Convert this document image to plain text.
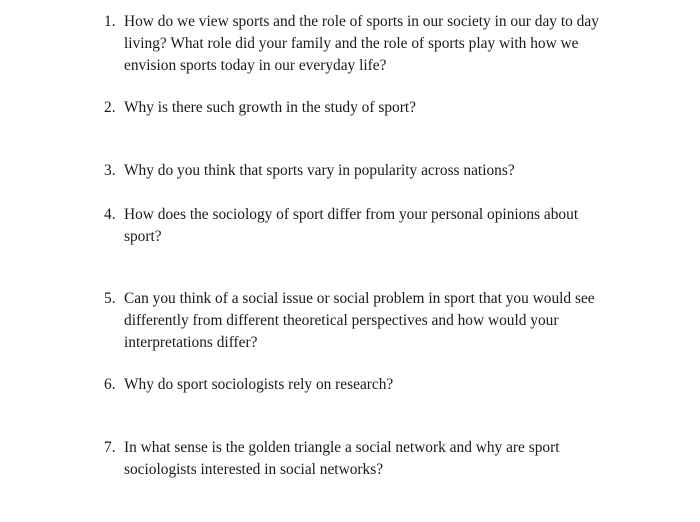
1. How do we view sports and the role of sports in our society in our day to day
living? What role did your family and the role of sports play with how we
envision sports today in our everyday life?

2. Why is there such growth in the study of sport?

3. Why do you think that sports vary in popularity across nations?

4. How does the sociology of sport differ from your personal opinions about
sport?

5. Can you think of a social issue or social problem in sport that you would see
differently from different theoretical perspectives and how would your
interpretations differ?

6. Why do sport sociologists rely on research?

7. In what sense is the golden triangle a social network and why are sport
sociologists interested in social networks?
